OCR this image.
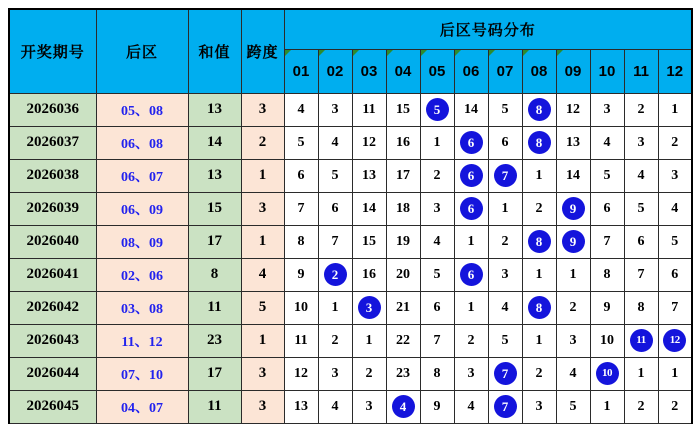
开奖期号	后区	和值	跨度	后区号码分布											

01	02	03	04	05	06	07	08	09	10	11	12
2026036	05、08	13	3	4	3	11	15	5	14	5	8	12	3	2	1
2026037	06、08	14	2	5	4	12	16	1	6	6	8	13	4	3	2
2026038	06、07	13	1	6	5	13	17	2	6	7	1	14	5	4	3
2026039	06、09	15	3	7	6	14	18	3	6	1	2	9	6	5	4
2026040	08、09	17	1	8	7	15	19	4	1	2	8	9	7	6	5
2026041	02、06	8	4	9	2	16	20	5	6	3	1	1	8	7	6
2026042	03、08	11	5	10	1	3	21	6	1	4	8	2	9	8	7
2026043	11、12	23	1	11	2	1	22	7	2	5	1	3	10	11	12
2026044	07、10	17	3	12	3	2	23	8	3	7	2	4	10	1	1
2026045	04、07	11	3	13	4	3	4	9	4	7	3	5	1	2	2
